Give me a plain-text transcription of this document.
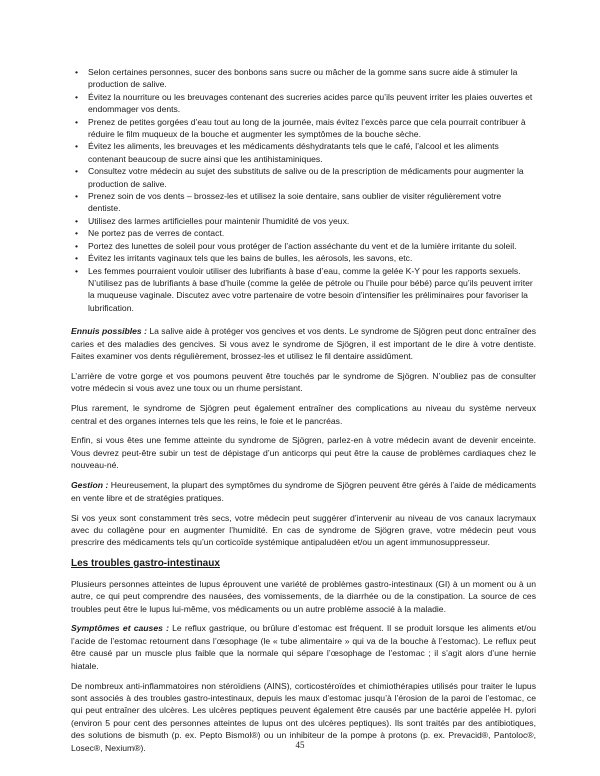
• Selon certaines personnes, sucer des bonbons sans sucre ou mâcher de la gomme sans sucre aide à stimuler la production de salive.
• Évitez la nourriture ou les breuvages contenant des sucreries acides parce qu’ils peuvent irriter les plaies ouvertes et endommager vos dents.
• Prenez de petites gorgées d’eau tout au long de la journée, mais évitez l’excès parce que cela pourrait contribuer à réduire le film muqueux de la bouche et augmenter les symptômes de la bouche sèche.
• Évitez les aliments, les breuvages et les médicaments déshydratants tels que le café, l’alcool et les aliments contenant beaucoup de sucre ainsi que les antihistaminiques.
• Consultez votre médecin au sujet des substituts de salive ou de la prescription de médicaments pour augmenter la production de salive.
• Prenez soin de vos dents – brossez-les et utilisez la soie dentaire, sans oublier de visiter régulièrement votre dentiste.
• Utilisez des larmes artificielles pour maintenir l’humidité de vos yeux.
• Ne portez pas de verres de contact.
• Portez des lunettes de soleil pour vous protéger de l’action asséchante du vent et de la lumière irritante du soleil.
• Évitez les irritants vaginaux tels que les bains de bulles, les aérosols, les savons, etc.
• Les femmes pourraient vouloir utiliser des lubrifiants à base d’eau, comme la gelée K-Y pour les rapports sexuels. N’utilisez pas de lubrifiants à base d’huile (comme la gelée de pétrole ou l’huile pour bébé) parce qu’ils peuvent irriter la muqueuse vaginale. Discutez avec votre partenaire de votre besoin d’intensifier les préliminaires pour favoriser la lubrification.

Ennuis possibles : La salive aide à protéger vos gencives et vos dents. Le syndrome de Sjögren peut donc entraîner des caries et des maladies des gencives. Si vous avez le syndrome de Sjögren, il est important de le dire à votre dentiste. Faites examiner vos dents régulièrement, brossez-les et utilisez le fil dentaire assidûment.

L’arrière de votre gorge et vos poumons peuvent être touchés par le syndrome de Sjögren. N’oubliez pas de consulter votre médecin si vous avez une toux ou un rhume persistant.

Plus rarement, le syndrome de Sjögren peut également entraîner des complications au niveau du système nerveux central et des organes internes tels que les reins, le foie et le pancréas.

Enfin, si vous êtes une femme atteinte du syndrome de Sjögren, parlez-en à votre médecin avant de devenir enceinte. Vous devrez peut-être subir un test de dépistage d’un anticorps qui peut être la cause de problèmes cardiaques chez le nouveau-né.

Gestion : Heureusement, la plupart des symptômes du syndrome de Sjögren peuvent être gérés à l’aide de médicaments en vente libre et de stratégies pratiques.

Si vos yeux sont constamment très secs, votre médecin peut suggérer d’intervenir au niveau de vos canaux lacrymaux avec du collagène pour en augmenter l’humidité. En cas de syndrome de Sjögren grave, votre médecin peut vous prescrire des médicaments tels qu’un corticoïde systémique antipaludéen et/ou un agent immunosuppresseur.

Les troubles gastro-intestinaux

Plusieurs personnes atteintes de lupus éprouvent une variété de problèmes gastro-intestinaux (GI) à un moment ou à un autre, ce qui peut comprendre des nausées, des vomissements, de la diarrhée ou de la constipation. La source de ces troubles peut être le lupus lui-même, vos médicaments ou un autre problème associé à la maladie.

Symptômes et causes : Le reflux gastrique, ou brûlure d’estomac est fréquent. Il se produit lorsque les aliments et/ou l’acide de l’estomac retournent dans l’œsophage (le « tube alimentaire » qui va de la bouche à l’estomac). Le reflux peut être causé par un muscle plus faible que la normale qui sépare l’œsophage de l’estomac ; il s’agit alors d’une hernie hiatale.

De nombreux anti-inflammatoires non stéroïdiens (AINS), corticostéroïdes et chimiothérapies utilisés pour traiter le lupus sont associés à des troubles gastro-intestinaux, depuis les maux d’estomac jusqu’à l’érosion de la paroi de l’estomac, ce qui peut entraîner des ulcères. Les ulcères peptiques peuvent également être causés par une bactérie appelée H. pylori (environ 5 pour cent des personnes atteintes de lupus ont des ulcères peptiques). Ils sont traités par des antibiotiques, des solutions de bismuth (p. ex. Pepto Bismol®) ou un inhibiteur de la pompe à protons (p. ex. Prevacid®, Pantoloc®, Losec®, Nexium®).	45
